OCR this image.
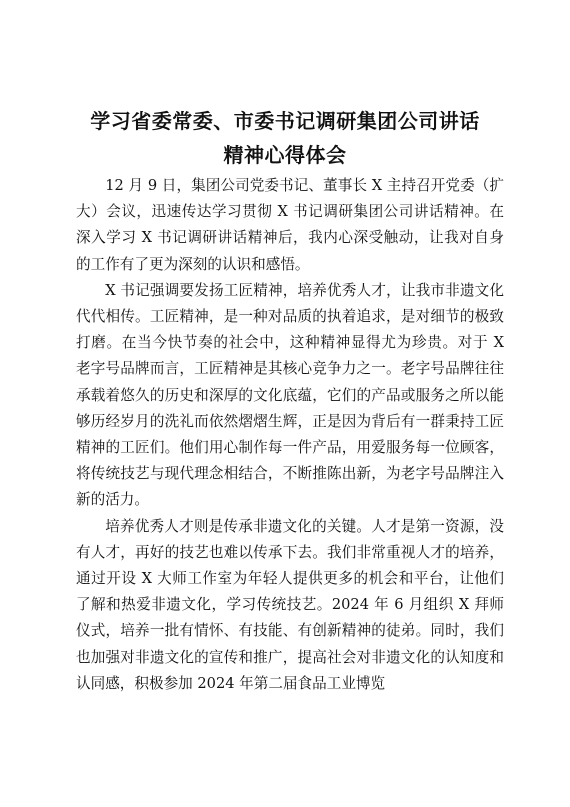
学习省委常委、市委书记调研集团公司讲话
精神心得体会

12 月 9 日，集团公司党委书记、董事长 X 主持召开党委（扩大）会议，迅速传达学习贯彻 X 书记调研集团公司讲话精神。在深入学习 X 书记调研讲话精神后，我内心深受触动，让我对自身的工作有了更为深刻的认识和感悟。

X 书记强调要发扬工匠精神，培养优秀人才，让我市非遗文化代代相传。工匠精神，是一种对品质的执着追求，是对细节的极致打磨。在当今快节奏的社会中，这种精神显得尤为珍贵。对于 X 老字号品牌而言，工匠精神是其核心竞争力之一。老字号品牌往往承载着悠久的历史和深厚的文化底蕴，它们的产品或服务之所以能够历经岁月的洗礼而依然熠熠生辉，正是因为背后有一群秉持工匠精神的工匠们。他们用心制作每一件产品，用爱服务每一位顾客，将传统技艺与现代理念相结合，不断推陈出新，为老字号品牌注入新的活力。

培养优秀人才则是传承非遗文化的关键。人才是第一资源，没有人才，再好的技艺也难以传承下去。我们非常重视人才的培养，通过开设 X 大师工作室为年轻人提供更多的机会和平台，让他们了解和热爱非遗文化，学习传统技艺。2024 年 6 月组织 X 拜师仪式，培养一批有情怀、有技能、有创新精神的徒弟。同时，我们也加强对非遗文化的宣传和推广，提高社会对非遗文化的认知度和认同感，积极参加 2024 年第二届食品工业博览
